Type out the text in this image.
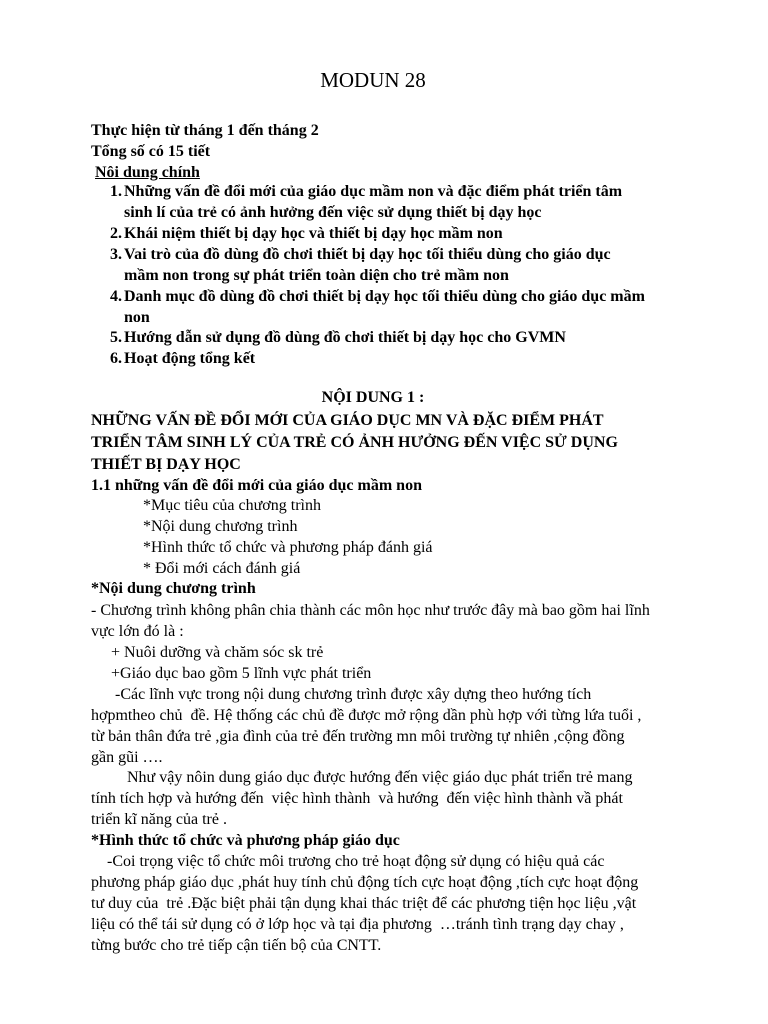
MODUN 28
Thực hiện từ tháng 1 đến tháng 2
Tổng số có 15 tiết
Nôi dung chính
1. Những vấn đề đổi mới của giáo dục mầm non và đặc điểm phát triển tâm
sinh lí của trẻ có ảnh hưởng đến việc sử dụng thiết bị dạy học
2. Khái niệm thiết bị dạy học và thiết bị dạy học mầm non
3. Vai trò của đồ dùng đồ chơi thiết bị dạy học tối thiểu dùng cho giáo dục
mầm non trong sự phát triển toàn diện cho trẻ mầm non
4. Danh mục đồ dùng đồ chơi thiết bị dạy học tối thiểu dùng cho giáo dục mầm
non
5. Hướng dẫn sử dụng đồ dùng đồ chơi thiết bị dạy học cho GVMN
6. Hoạt động tổng kết
NỘI DUNG 1 :
NHỮNG VẤN ĐỀ ĐỔI MỚI CỦA GIÁO DỤC MN VÀ ĐẶC ĐIỂM PHÁT
TRIỂN TÂM SINH LÝ CỦA TRẺ CÓ ẢNH HƯỞNG ĐẾN VIỆC SỬ DỤNG
THIẾT BỊ DẠY HỌC
1.1 những vấn đề đổi mới của giáo dục mầm non
*Mục tiêu của chương trình
*Nội dung chương trình
*Hình thức tổ chức và phương pháp đánh giá
* Đổi mới cách đánh giá
*Nội dung chương trình
- Chương trình không phân chia thành các môn học như trước đây mà bao gồm hai lĩnh
vực lớn đó là :
+ Nuôi dưỡng và chăm sóc sk trẻ
+Giáo dục bao gồm 5 lĩnh vực phát triển
-Các lĩnh vực trong nội dung chương trình được xây dựng theo hướng tích
hợpmtheo chủ  đề. Hệ thống các chủ đề được mở rộng dần phù hợp với từng lứa tuổi ,
từ bản thân đứa trẻ ,gia đình của trẻ đến trường mn môi trường tự nhiên ,cộng đồng
gần gũi ….
Như vậy nôin dung giáo dục được hướng đến việc giáo dục phát triển trẻ mang
tính tích hợp và hướng đến  việc hình thành  và hướng  đến việc hình thành vầ phát
triển kĩ năng của trẻ .
*Hình thức tổ chức và phương pháp giáo dục
-Coi trọng việc tổ chức môi trương cho trẻ hoạt động sử dụng có hiệu quả các
phương pháp giáo dục ,phát huy tính chủ động tích cực hoạt động ,tích cực hoạt động
tư duy của  trẻ .Đặc biệt phải tận dụng khai thác triệt để các phương tiện học liệu ,vật
liệu có thể tái sử dụng có ở lớp học và tại địa phương  …tránh tình trạng dạy chay ,
từng bước cho trẻ tiếp cận tiến bộ của CNTT.
